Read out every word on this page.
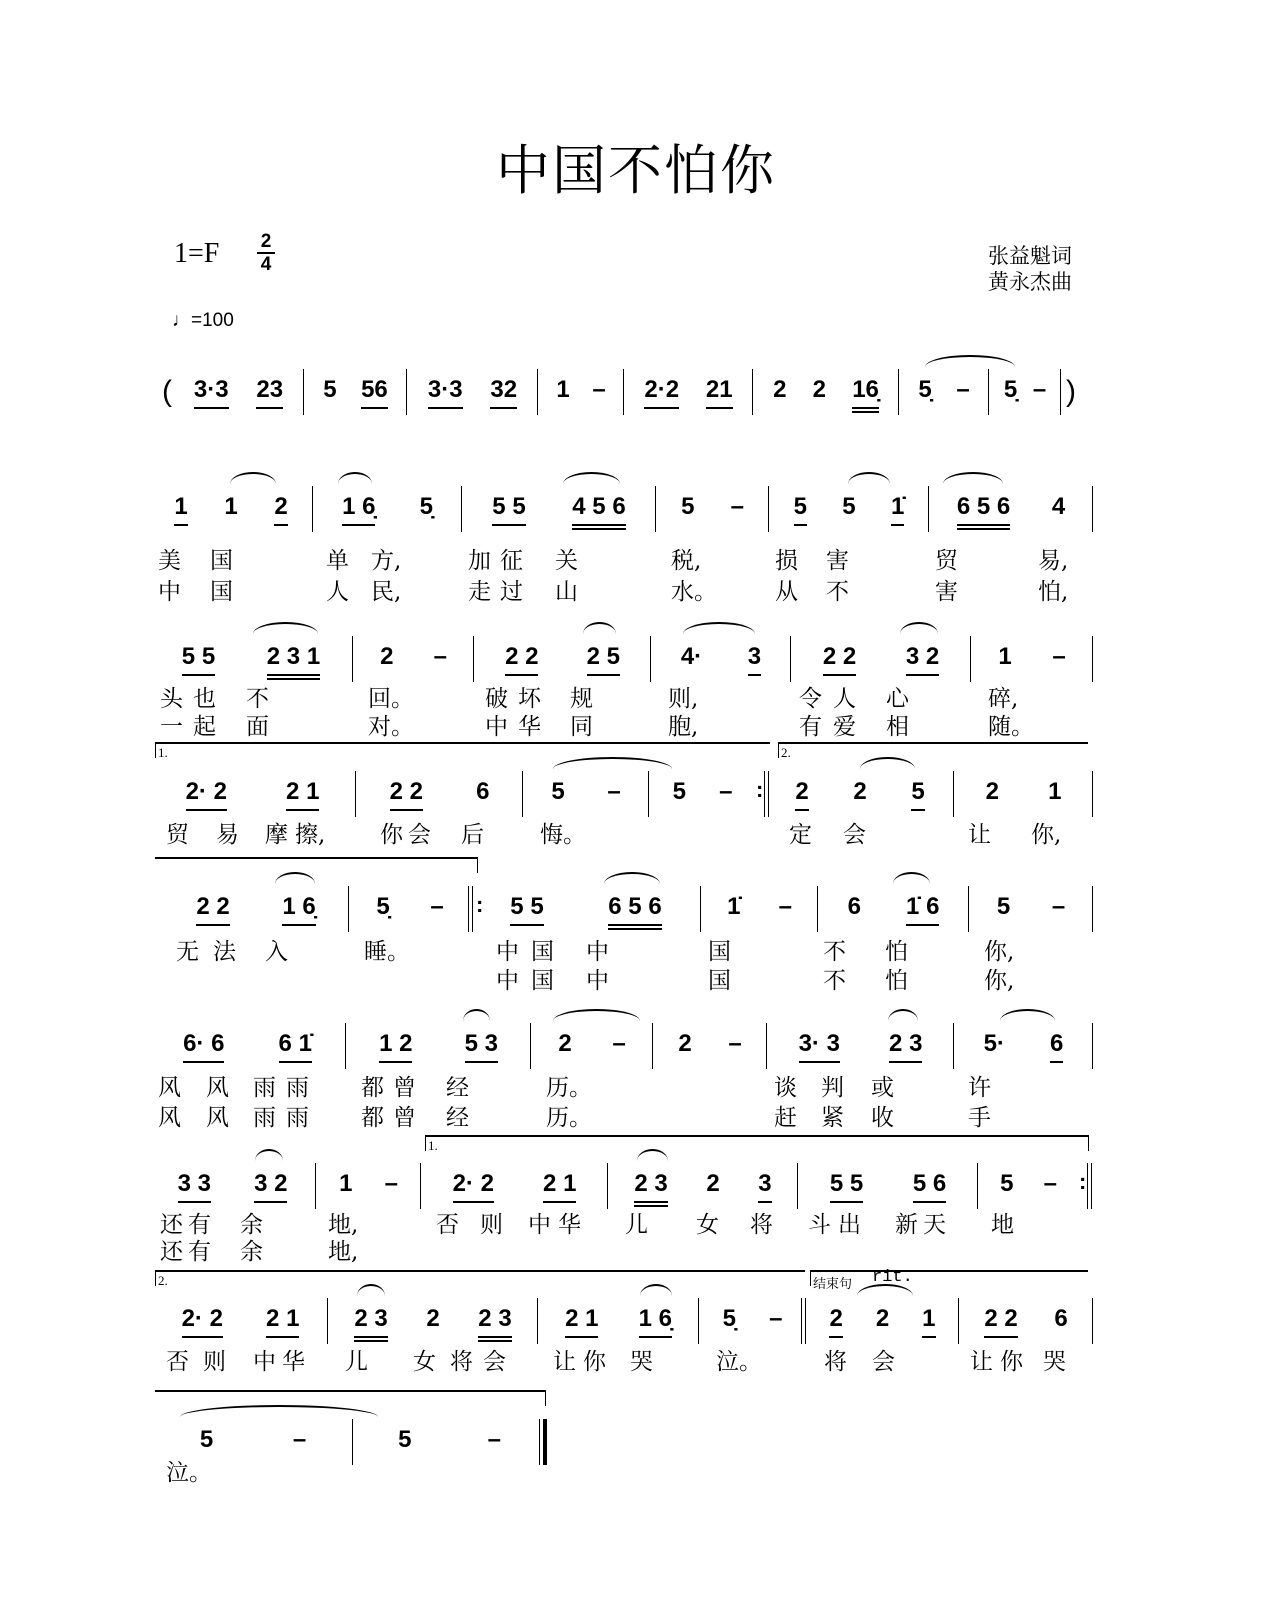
中国不怕你
1=F 2
4	张益魁词
黄永杰曲
♩=100
(	)
3·3 23 5 56 3·3 32 1 – 2·2 21 2 2 16̣ 5̣ – 5̣ –
1 1 2 1 6̣ 5̣ 5 5 4 5 6 5 – 5 5 1̇ 6 5 6 4
美 国	单 方,	加 征 关	税,	损 害	贸	易,
中 国	人 民,	走 过 山	水。	从 不	害	怕,
5 5 2 3 1 2 – 2 2 2 5	4· 3	2 2 3 2 1 –
头 也 不	回。	破 坏 规	则,	令 人 心	碎,
一 起 面	对。	中 华 同	胞,	有 爱 相	随。
2· 2 2 1	2 2 6	5 – 5 –	2 2 5	2 1
:
贸 易 摩 擦, 你 会 后 悔。	定 会	让 你,
2 2 1 6̣	5̣ –	5 5	6 5 6	1̇ – 6 1̇ 6 5 –
:
无 法 入	睡。	中 国 中	国	不 怕	你,
中 国 中	国	不 怕	你,
6· 6 6 1̇	1 2 5 3	2 – 2 – 3· 3 2 3	5· 6
风 风 雨 雨 都 曾 经	历。	谈 判 或	许
风 风 雨 雨 都 曾 经	历。	赶 紧 收	手
3 3 3 2 1 – 2· 2 2 1 2 3 2 3 5 5 5 6 5 – :
还 有 余	地,	否 则 中 华 儿 女 将 斗 出 新 天 地
还 有 余	地,
2· 2 2 1 2 3 2 2 3 2 1 1 6̣ 5̣ – 2 2 1 2 2 6
否 则 中 华 儿 女 将 会 让 你 哭	泣。	将 会	让 你 哭
5	–	5	–
泣。
1.	2.
1.
2.	结束句 rit.
